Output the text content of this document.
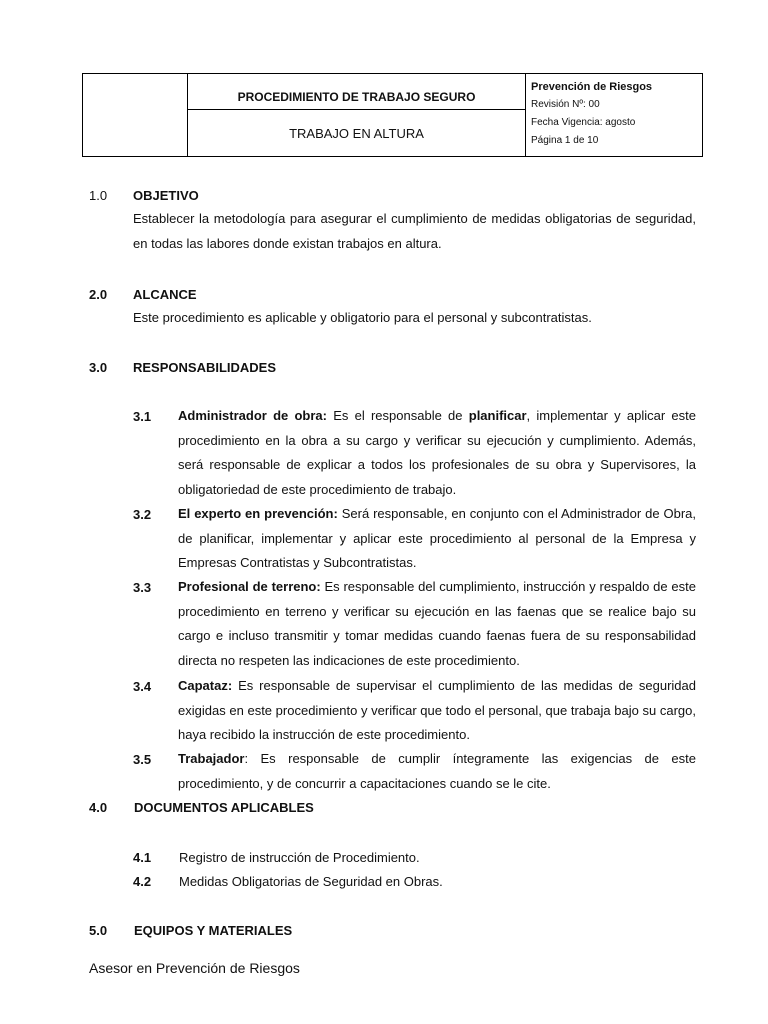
PROCEDIMIENTO DE TRABAJO SEGURO
TRABAJO EN ALTURA
Prevención de Riesgos
Revisión Nº: 00
Fecha Vigencia: agosto
Página 1 de 10
1.0 OBJETIVO
Establecer la metodología para asegurar el cumplimiento de medidas obligatorias de seguridad, en todas las labores donde existan trabajos en altura.
2.0 ALCANCE
Este procedimiento es aplicable y obligatorio para el personal y subcontratistas.
3.0 RESPONSABILIDADES
3.1 Administrador de obra: Es el responsable de planificar, implementar y aplicar este procedimiento en la obra a su cargo y verificar su ejecución y cumplimiento. Además, será responsable de explicar a todos los profesionales de su obra y Supervisores, la obligatoriedad de este procedimiento de trabajo.
3.2 El experto en prevención: Será responsable, en conjunto con el Administrador de Obra, de planificar, implementar y aplicar este procedimiento al personal de la Empresa y Empresas Contratistas y Subcontratistas.
3.3 Profesional de terreno: Es responsable del cumplimiento, instrucción y respaldo de este procedimiento en terreno y verificar su ejecución en las faenas que se realice bajo su cargo e incluso transmitir y tomar medidas cuando faenas fuera de su responsabilidad directa no respeten las indicaciones de este procedimiento.
3.4 Capataz: Es responsable de supervisar el cumplimiento de las medidas de seguridad exigidas en este procedimiento y verificar que todo el personal, que trabaja bajo su cargo, haya recibido la instrucción de este procedimiento.
3.5 Trabajador: Es responsable de cumplir íntegramente las exigencias de este procedimiento, y de concurrir a capacitaciones cuando se le cite.
4.0 DOCUMENTOS APLICABLES
4.1 Registro de instrucción de Procedimiento.
4.2 Medidas Obligatorias de Seguridad en Obras.
5.0 EQUIPOS Y MATERIALES
Asesor en Prevención de Riesgos
